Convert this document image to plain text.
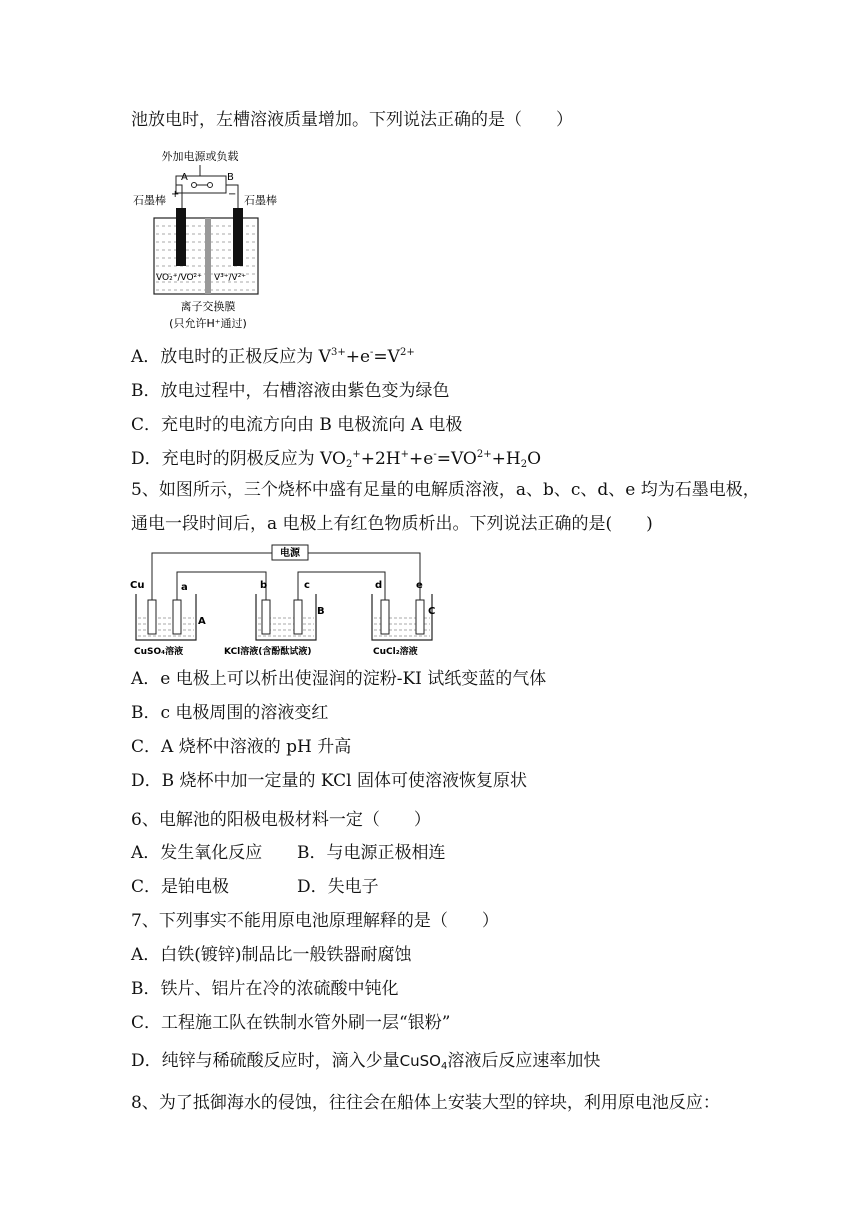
池放电时，左槽溶液质量增加。下列说法正确的是（　　）
外加电源或负载
A	B
+	−
石墨棒	石墨棒
VO₂⁺/VO²⁺ V³⁺/V²⁺
离子交换膜
(只允许H⁺通过)
A．放电时的正极反应为 $V^{3+}+e^-=V^{2+}$
B．放电过程中，右槽溶液由紫色变为绿色
C．充电时的电流方向由 B 电极流向 A 电极
D．充电时的阴极反应为 $VO_2^++2H^++e^-=VO^{2+}+H_2O$
5、如图所示，三个烧杯中盛有足量的电解质溶液，a、b、c、d、e 均为石墨电极，
通电一段时间后，a 电极上有红色物质析出。下列说法正确的是(　　)
电源
Cu	a	b	c	d	e
A
B	C
CuSO₄溶液	KCl溶液(含酚酞试液)	CuCl₂溶液
A．e 电极上可以析出使湿润的淀粉-KI 试纸变蓝的气体
B．c 电极周围的溶液变红
C．A 烧杯中溶液的 pH 升高
D．B 烧杯中加一定量的 KCl 固体可使溶液恢复原状
6、电解池的阳极电极材料一定（　　）
A．发生氧化反应 B．与电源正极相连
C．是铂电极	D．失电子
7、下列事实不能用原电池原理解释的是（　　）
A．白铁(镀锌)制品比一般铁器耐腐蚀
B．铁片、铝片在冷的浓硫酸中钝化
C．工程施工队在铁制水管外刷一层“银粉”
D．纯锌与稀硫酸反应时，滴入少量CuSO$_4$溶液后反应速率加快
8、为了抵御海水的侵蚀，往往会在船体上安装大型的锌块，利用原电池反应：
